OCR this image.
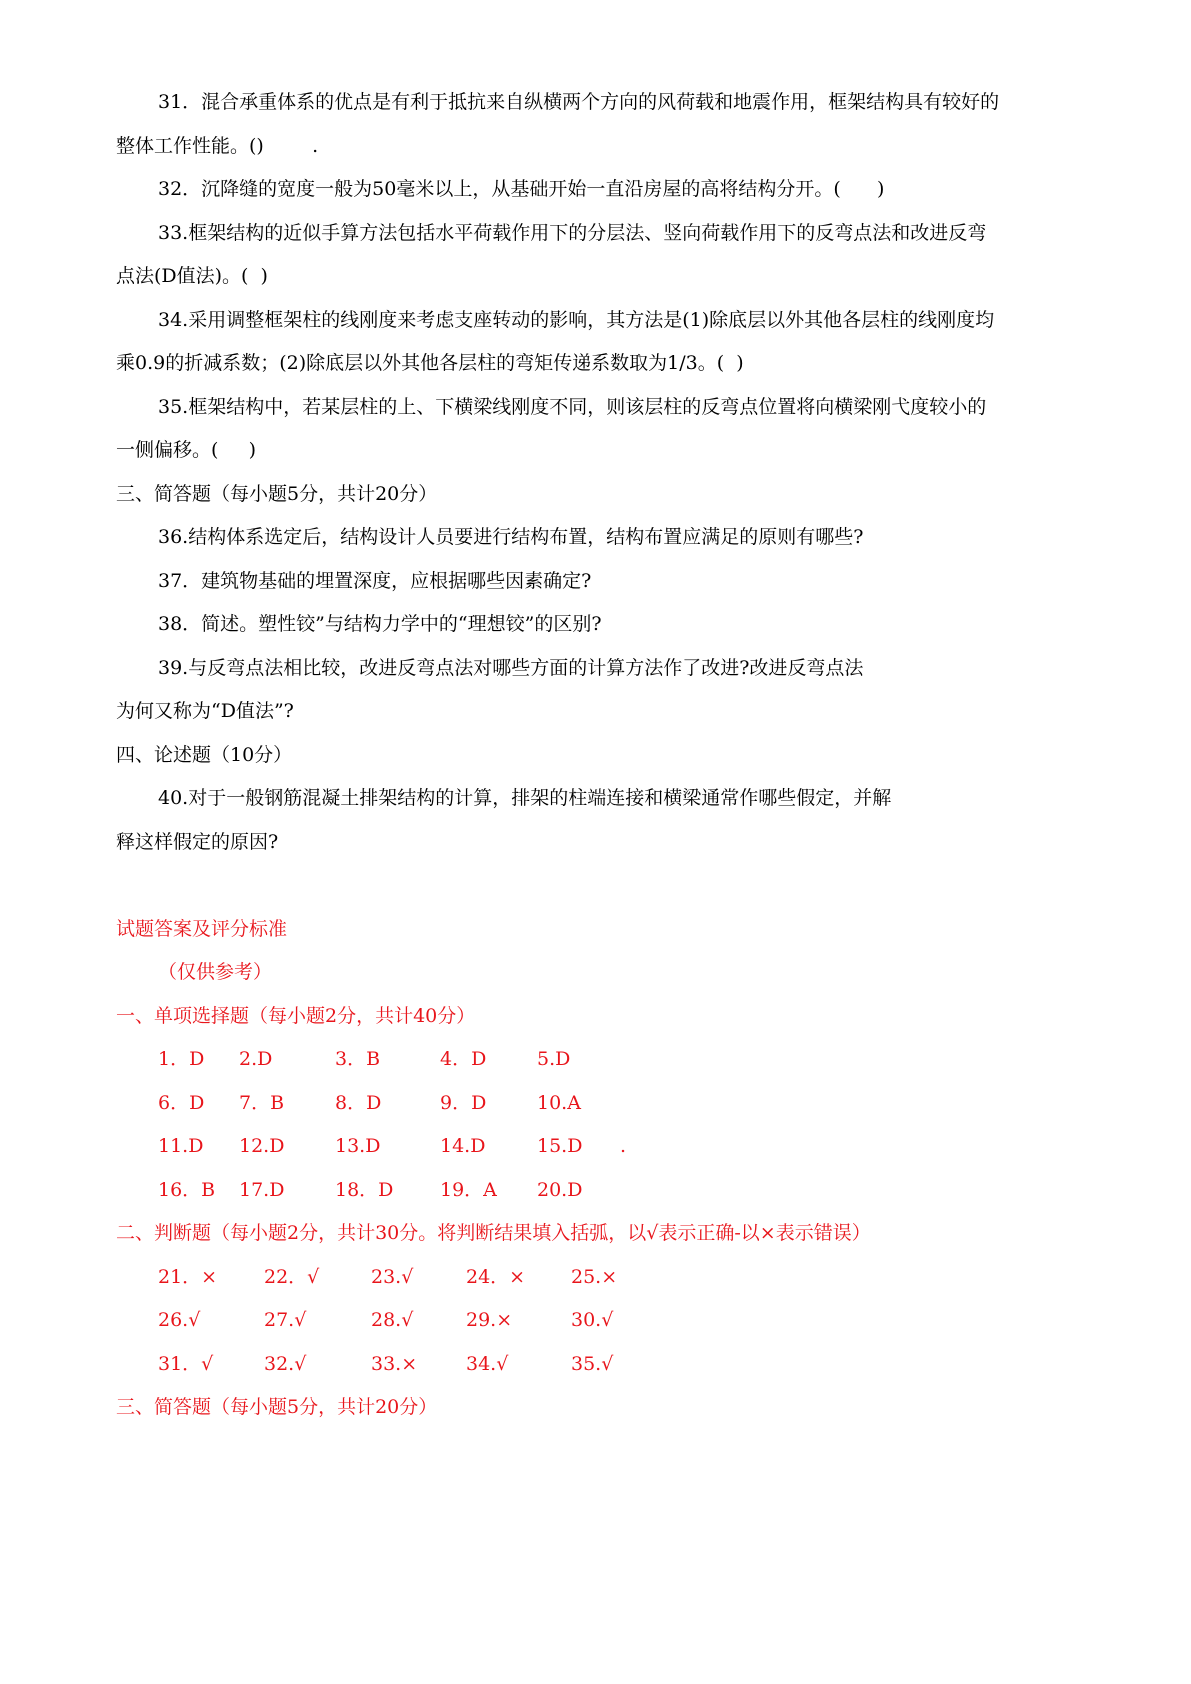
31．混合承重体系的优点是有利于抵抗来自纵横两个方向的风荷载和地震作用，框架结构具有较好的
整体工作性能。()        .
32．沉降缝的宽度一般为50毫米以上，从基础开始一直沿房屋的高将结构分开。(      )
33.框架结构的近似手算方法包括水平荷载作用下的分层法、竖向荷载作用下的反弯点法和改进反弯
点法(D值法)。(  )
34.采用调整框架柱的线刚度来考虑支座转动的影响，其方法是(1)除底层以外其他各层柱的线刚度均
乘0.9的折减系数；(2)除底层以外其他各层柱的弯矩传递系数取为1/3。(  )
35.框架结构中，若某层柱的上、下横梁线刚度不同，则该层柱的反弯点位置将向横梁刚弋度较小的
一侧偏移。(     )
三、简答题（每小题5分，共计20分）
36.结构体系选定后，结构设计人员要进行结构布置，结构布置应满足的原则有哪些?
37．建筑物基础的埋置深度，应根据哪些因素确定?
38．简述。塑性铰”与结构力学中的“理想铰”的区别?
39.与反弯点法相比较，改进反弯点法对哪些方面的计算方法作了改进?改进反弯点法
为何又称为“D值法”?
四、论述题（10分）
40.对于一般钢筋混凝土排架结构的计算，排架的柱端连接和横梁通常作哪些假定，并解
释这样假定的原因?
试题答案及评分标准
（仅供参考）
一、单项选择题（每小题2分，共计40分）
1．D 2.D	3．B	4．D	5.D
6．D 7．B	8．D	9．D	10.A
11.D 12.D	13.D	14.D	15.D .
16．B 17.D	18．D 19．A 20.D
二、判断题（每小题2分，共计30分。将判断结果填入括弧，以√表示正确-以×表示错误）
21．× 22．√	23.√	24．× 25.×
26.√	27.√	28.√	29.×	30.√
31．√	32.√	33.×	34.√	35.√
三、简答题（每小题5分，共计20分）
